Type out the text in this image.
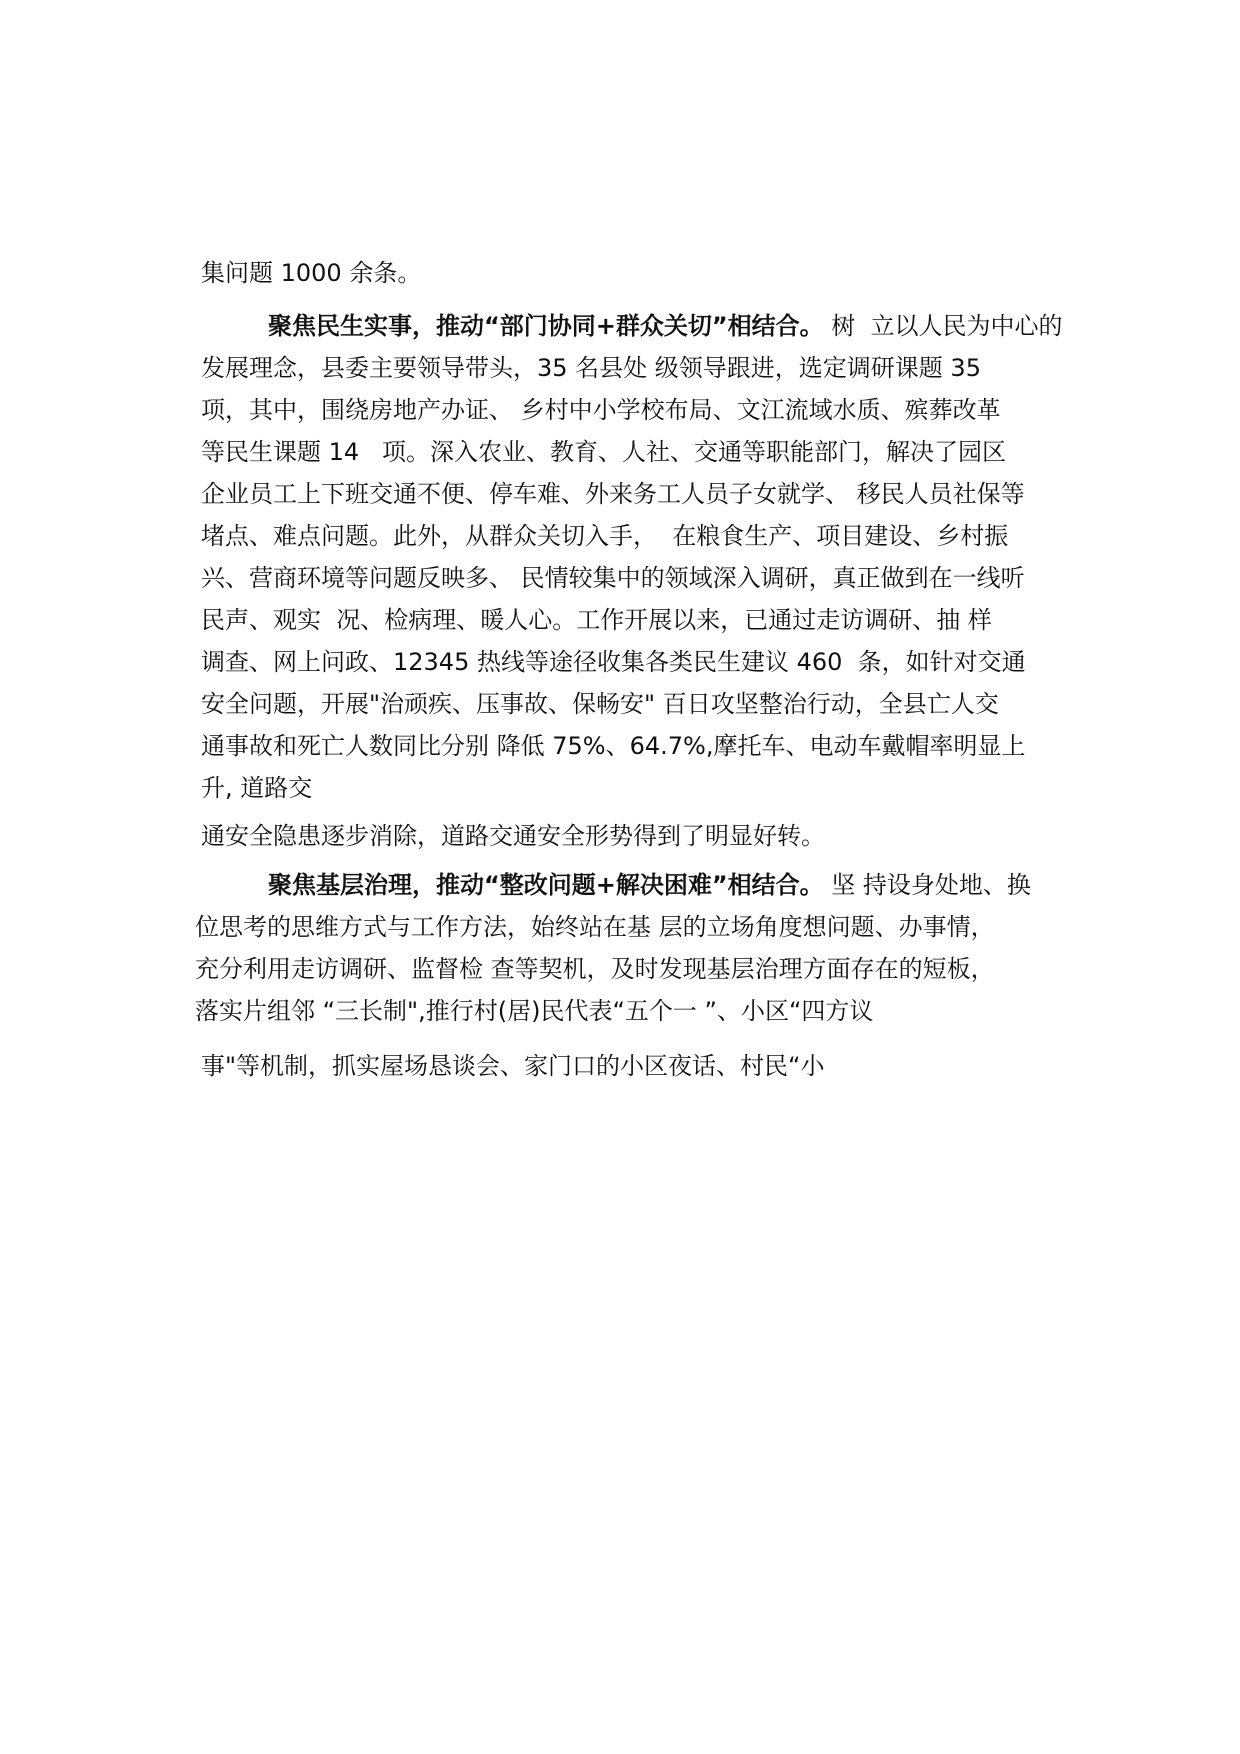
集问题 1000 余条。

聚焦民生实事，推动“部门协同+群众关切”相结合。 树  立以人民为中心的

发展理念，县委主要领导带头，35 名县处 级领导跟进，选定调研课题 35

项，其中，围绕房地产办证、 乡村中小学校布局、文江流域水质、殡葬改革

等民生课题 14   项。深入农业、教育、人社、交通等职能部门，解决了园区

企业员工上下班交通不便、停车难、外来务工人员子女就学、 移民人员社保等

堵点、难点问题。此外，从群众关切入手，  在粮食生产、项目建设、乡村振

兴、营商环境等问题反映多、 民情较集中的领域深入调研，真正做到在一线听

民声、观实  况、检病理、暖人心。工作开展以来，已通过走访调研、抽 样

调查、网上问政、12345 热线等途径收集各类民生建议 460  条，如针对交通

安全问题，开展"治顽疾、压事故、保畅安" 百日攻坚整治行动，全县亡人交

通事故和死亡人数同比分别 降低 75%、64.7%,摩托车、电动车戴帽率明显上

升, 道路交

通安全隐患逐步消除，道路交通安全形势得到了明显好转。

聚焦基层治理，推动“整改问题+解决困难”相结合。 坚 持设身处地、换

位思考的思维方式与工作方法，始终站在基 层的立场角度想问题、办事情，

充分利用走访调研、监督检 查等契机，及时发现基层治理方面存在的短板，

落实片组邻 “三长制",推行村(居)民代表“五个一 ”、小区“四方议

事"等机制，抓实屋场恳谈会、家门口的小区夜话、村民“小
